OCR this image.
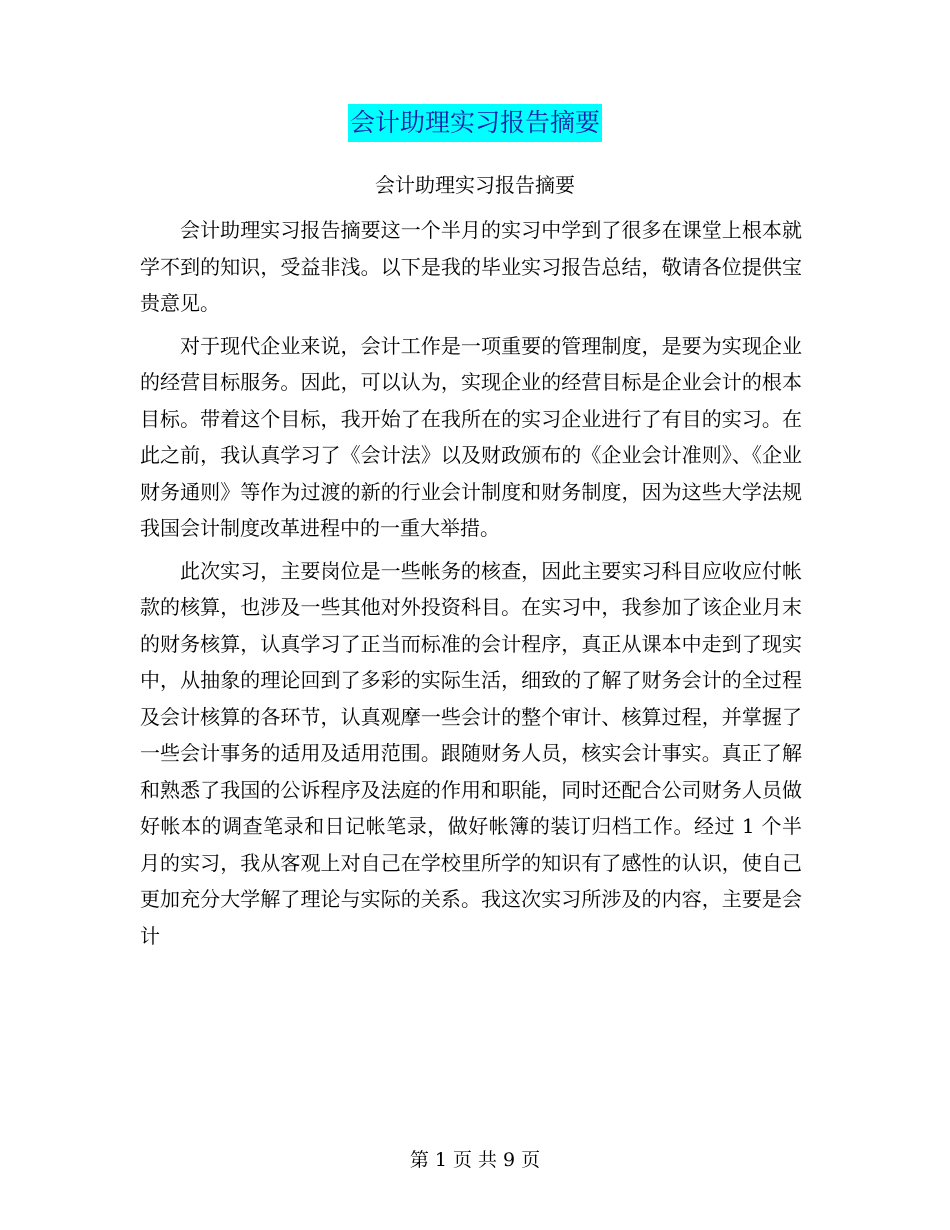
会计助理实习报告摘要
会计助理实习报告摘要

会计助理实习报告摘要这一个半月的实习中学到了很多在课堂上根本就学不到的知识，受益非浅。以下是我的毕业实习报告总结，敬请各位提供宝贵意见。

对于现代企业来说，会计工作是一项重要的管理制度，是要为实现企业的经营目标服务。因此，可以认为，实现企业的经营目标是企业会计的根本目标。带着这个目标，我开始了在我所在的实习企业进行了有目的实习。在此之前，我认真学习了《会计法》以及财政颁布的《企业会计准则》、《企业财务通则》等作为过渡的新的行业会计制度和财务制度，因为这些大学法规我国会计制度改革进程中的一重大举措。

此次实习，主要岗位是一些帐务的核查，因此主要实习科目应收应付帐款的核算，也涉及一些其他对外投资科目。在实习中，我参加了该企业月末的财务核算，认真学习了正当而标准的会计程序，真正从课本中走到了现实中，从抽象的理论回到了多彩的实际生活，细致的了解了财务会计的全过程及会计核算的各环节，认真观摩一些会计的整个审计、核算过程，并掌握了一些会计事务的适用及适用范围。跟随财务人员，核实会计事实。真正了解和熟悉了我国的公诉程序及法庭的作用和职能，同时还配合公司财务人员做好帐本的调查笔录和日记帐笔录，做好帐簿的装订归档工作。经过 1 个半月的实习，我从客观上对自己在学校里所学的知识有了感性的认识，使自己更加充分大学解了理论与实际的关系。我这次实习所涉及的内容，主要是会计

第 1 页 共 9 页
